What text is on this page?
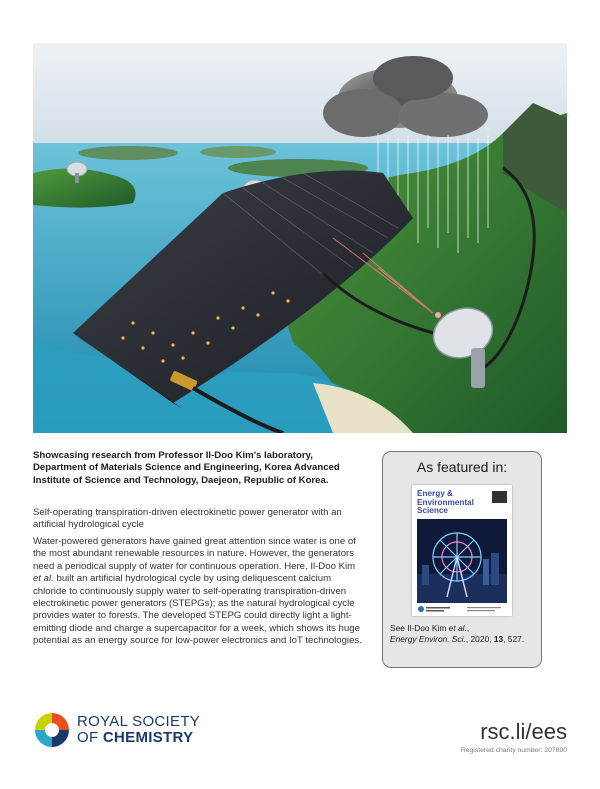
Showcasing research from Professor Il-Doo Kim's laboratory, Department of Materials Science and Engineering, Korea Advanced Institute of Science and Technology, Daejeon, Republic of Korea.

Self-operating transpiration-driven electrokinetic power generator with an artificial hydrological cycle

Water-powered generators have gained great attention since water is one of the most abundant renewable resources in nature. However, the generators need a periodical supply of water for continuous operation. Here, Il-Doo Kim et al. built an artificial hydrological cycle by using deliquescent calcium chloride to continuously supply water to self-operating transpiration-driven electrokinetic power generators (STEPGs); as the natural hydrological cycle provides water to forests. The developed STEPG could directly light a light-emitting diode and charge a supercapacitor for a week, which shows its huge potential as an energy source for low-power electronics and IoT technologies.

As featured in:
Energy & Environmental Science

See Il-Doo Kim et al.,
Energy Environ. Sci., 2020, 13, 527.

ROYAL SOCIETY
OF CHEMISTRY	rsc.li/ees
Registered charity number: 207890
